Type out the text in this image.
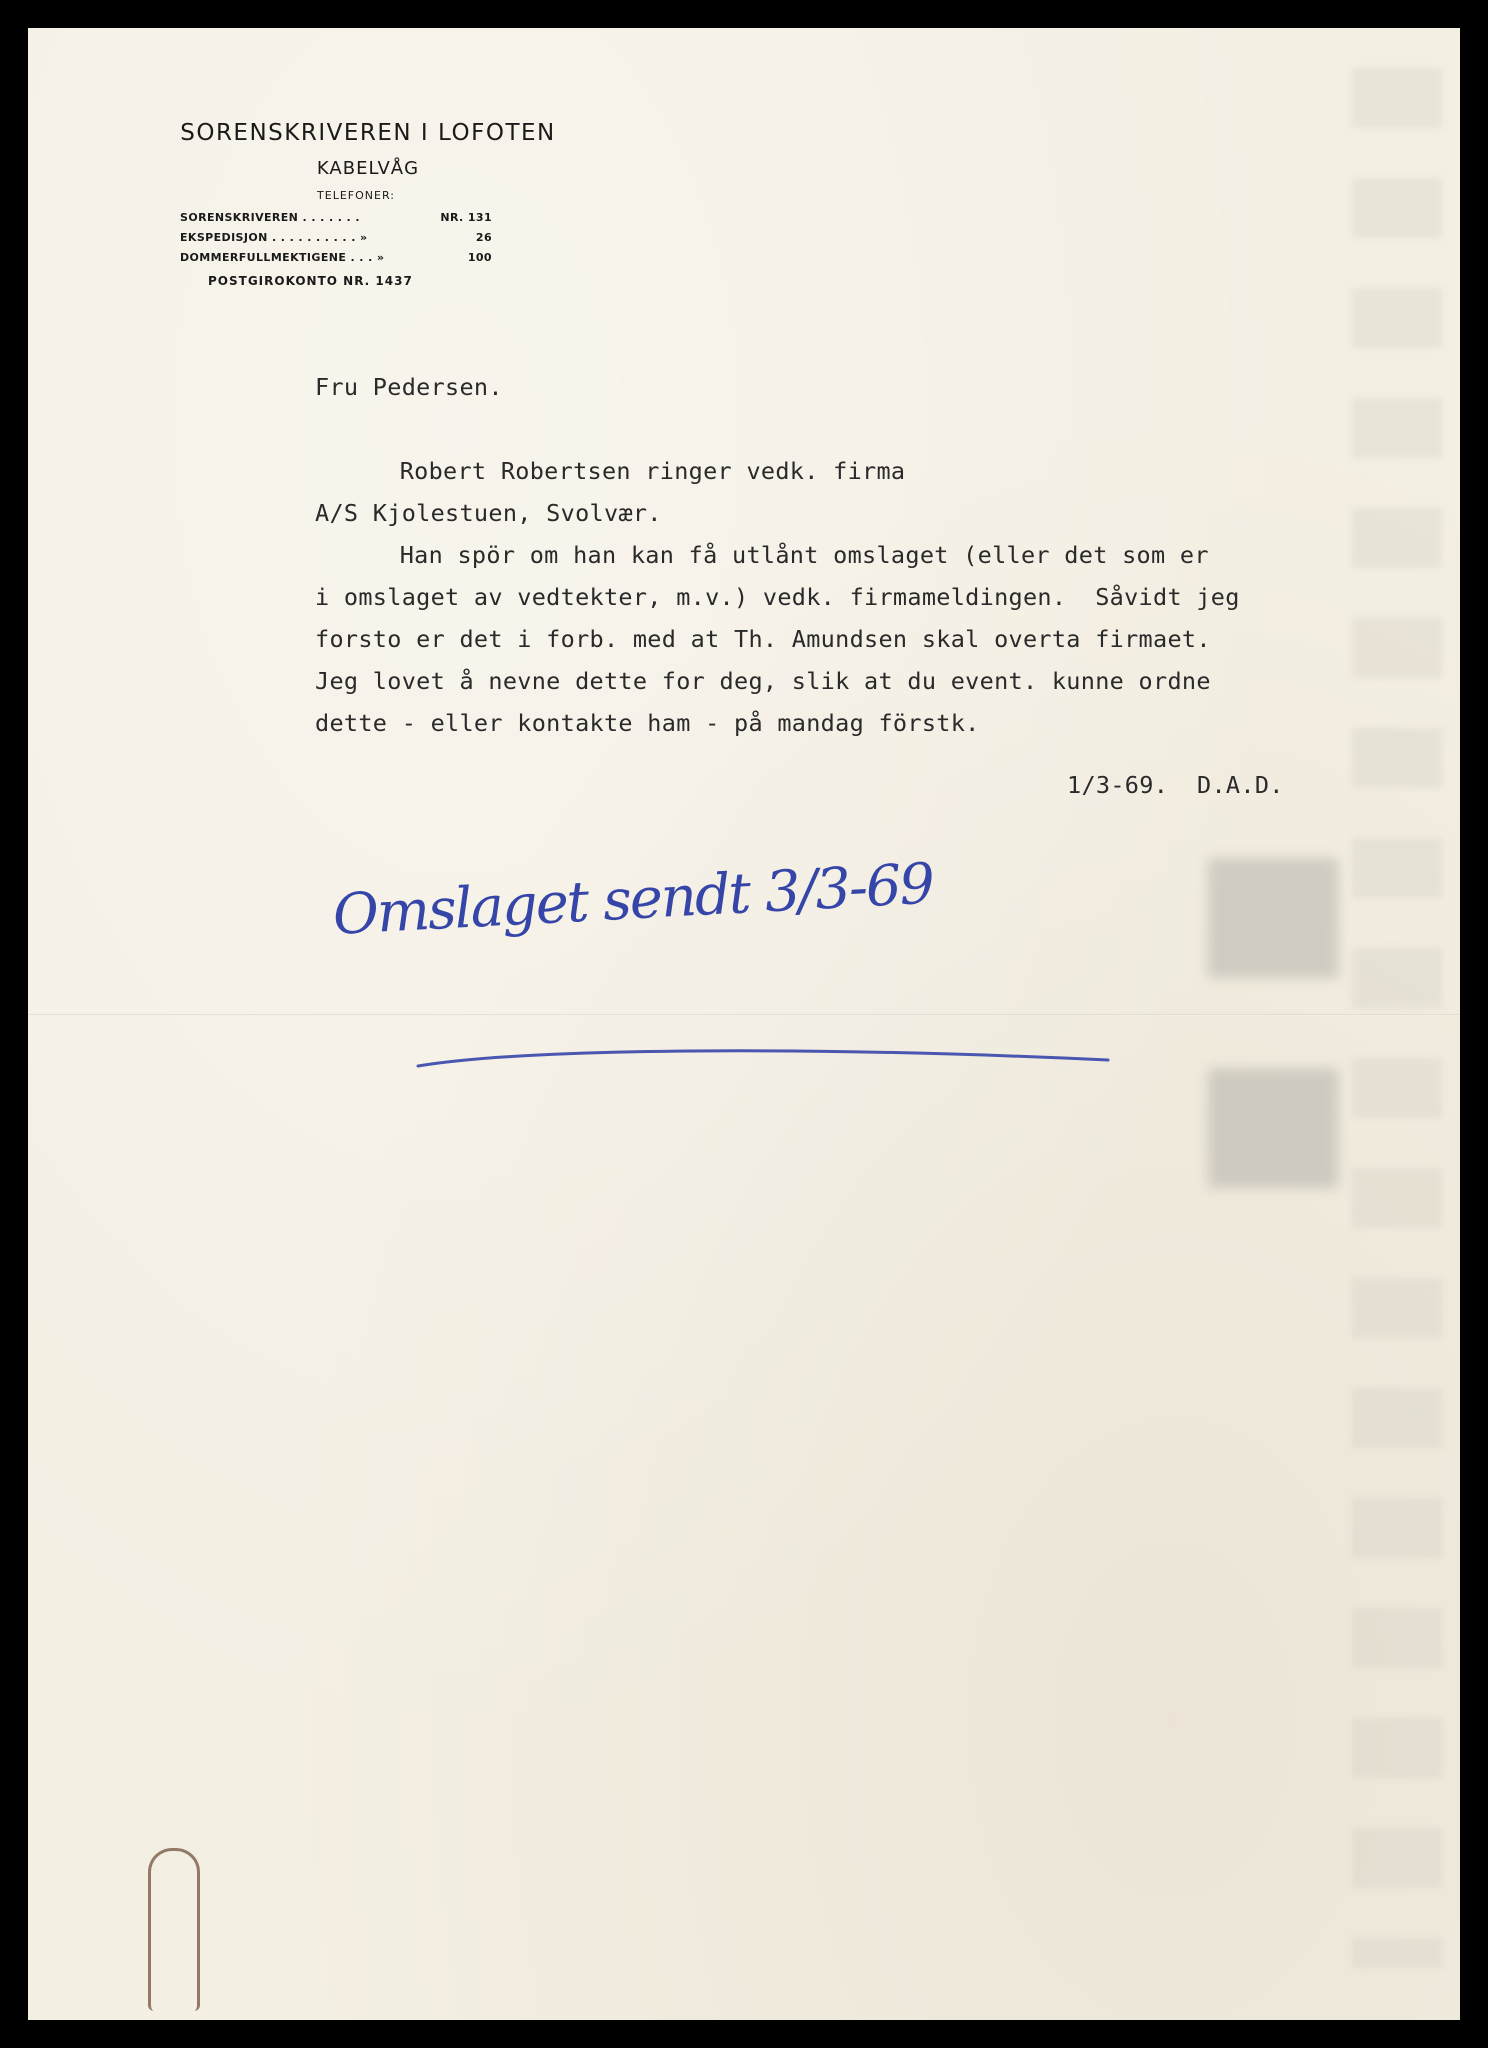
SORENSKRIVEREN I LOFOTEN
KABELVÅG
TELEFONER:
SORENSKRIVEREN . . . . . . .	NR. 131
EKSPEDISJON . . . . . . . . . . »	26
DOMMERFULLMEKTIGENE . . . »	100
POSTGIROKONTO NR. 1437
Fru Pedersen.
Robert Robertsen ringer vedk. firma
A/S Kjolestuen, Svolvær.
Han spör om han kan få utlånt omslaget (eller det som er
i omslaget av vedtekter, m.v.) vedk. firmameldingen.  Såvidt jeg
forsto er det i forb. med at Th. Amundsen skal overta firmaet.
Jeg lovet å nevne dette for deg, slik at du event. kunne ordne
dette - eller kontakte ham - på mandag förstk.
1/3-69.  D.A.D.
Omslaget sendt 3/3-69
